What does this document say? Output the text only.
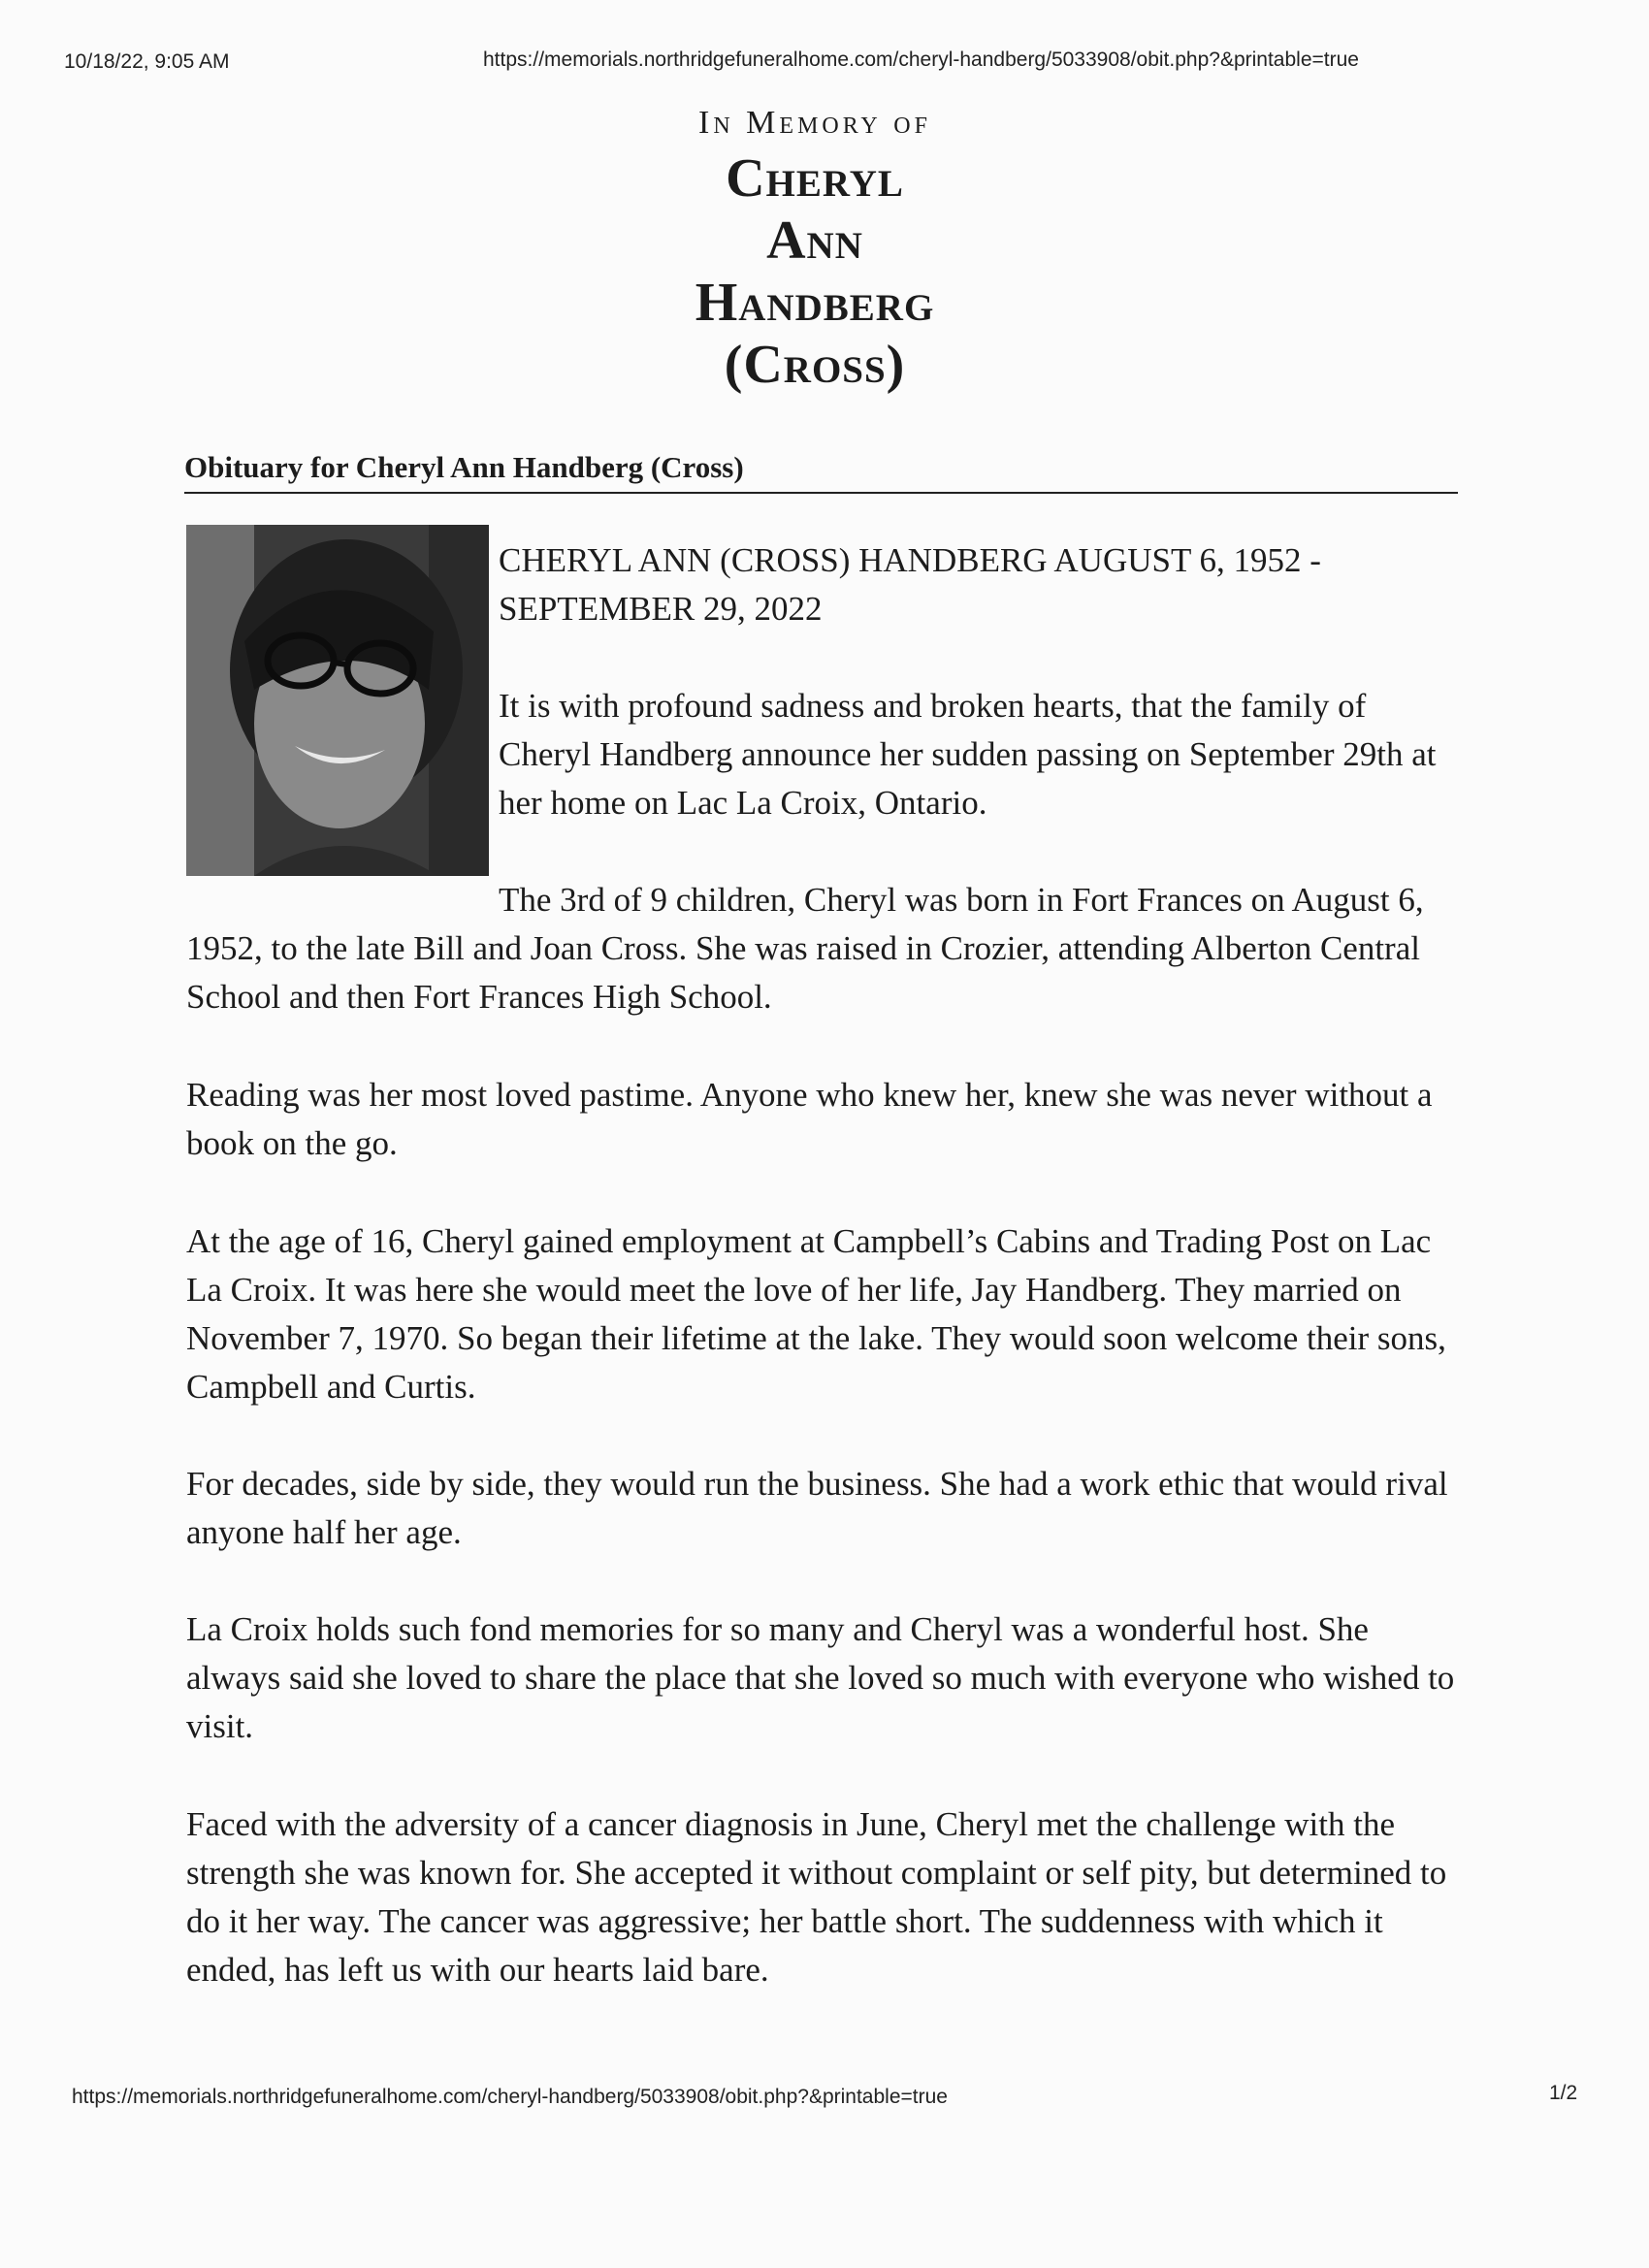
10/18/22, 9:05 AM	https://memorials.northridgefuneralhome.com/cheryl-handberg/5033908/obit.php?&printable=true
In Memory of
Cheryl
Ann
Handberg
(Cross)
Obituary for Cheryl Ann Handberg (Cross)

CHERYL ANN (CROSS) HANDBERG AUGUST 6, 1952 - SEPTEMBER 29, 2022

It is with profound sadness and broken hearts, that the family of Cheryl Handberg announce her sudden passing on September 29th at her home on Lac La Croix, Ontario.

The 3rd of 9 children, Cheryl was born in Fort Frances on August 6, 1952, to the late Bill and Joan Cross. She was raised in Crozier, attending Alberton Central School and then Fort Frances High School.

Reading was her most loved pastime. Anyone who knew her, knew she was never without a book on the go.

At the age of 16, Cheryl gained employment at Campbell’s Cabins and Trading Post on Lac La Croix. It was here she would meet the love of her life, Jay Handberg. They married on November 7, 1970. So began their lifetime at the lake. They would soon welcome their sons, Campbell and Curtis.

For decades, side by side, they would run the business. She had a work ethic that would rival anyone half her age.

La Croix holds such fond memories for so many and Cheryl was a wonderful host. She always said she loved to share the place that she loved so much with everyone who wished to visit.

Faced with the adversity of a cancer diagnosis in June, Cheryl met the challenge with the strength she was known for. She accepted it without complaint or self pity, but determined to do it her way. The cancer was aggressive; her battle short. The suddenness with which it ended, has left us with our hearts laid bare.

https://memorials.northridgefuneralhome.com/cheryl-handberg/5033908/obit.php?&printable=true	1/2
